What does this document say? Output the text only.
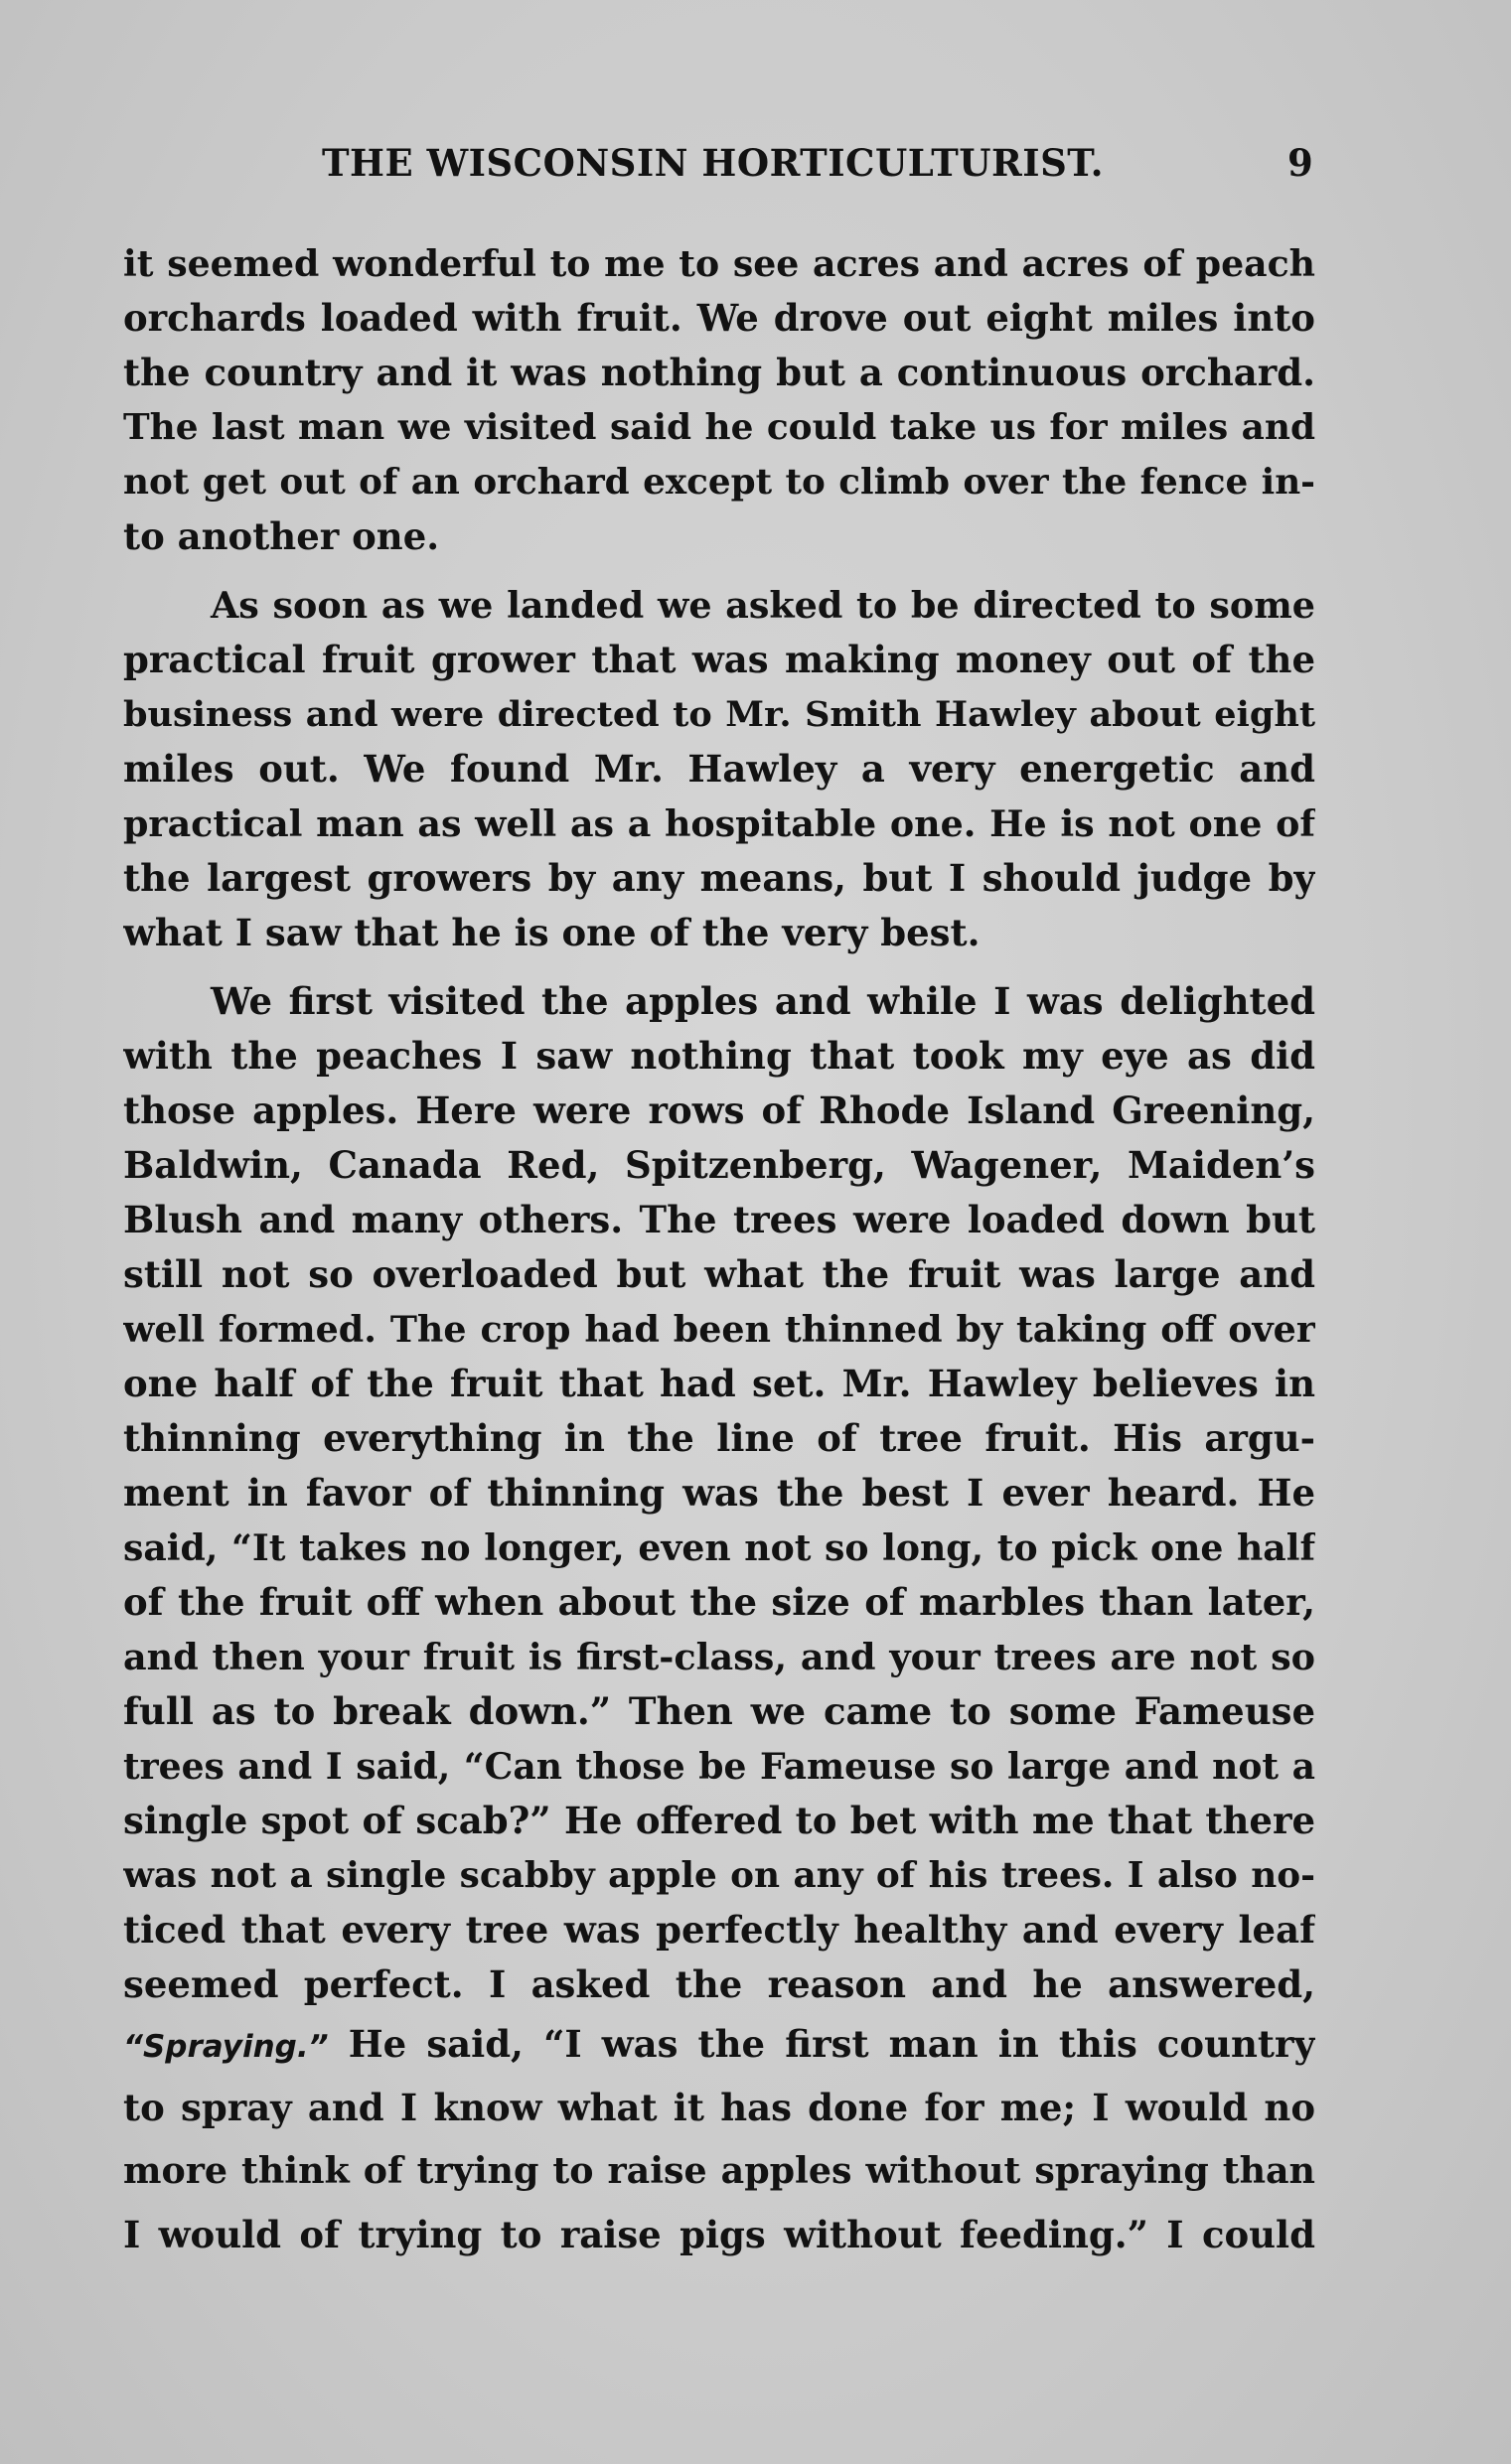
THE WISCONSIN HORTICULTURIST.	9
it seemed wonderful to me to see acres and acres of peach
orchards loaded with fruit. We drove out eight miles into
the country and it was nothing but a continuous orchard.
The last man we visited said he could take us for miles and
not get out of an orchard except to climb over the fence in-
to another one.
As soon as we landed we asked to be directed to some
practical fruit grower that was making money out of the
business and were directed to Mr. Smith Hawley about eight
miles out. We found Mr. Hawley a very energetic and
practical man as well as a hospitable one. He is not one of
the largest growers by any means, but I should judge by
what I saw that he is one of the very best.
We first visited the apples and while I was delighted
with the peaches I saw nothing that took my eye as did
those apples. Here were rows of Rhode Island Greening,
Baldwin, Canada Red, Spitzenberg, Wagener, Maiden’s
Blush and many others. The trees were loaded down but
still not so overloaded but what the fruit was large and
well formed. The crop had been thinned by taking off over
one half of the fruit that had set. Mr. Hawley believes in
thinning everything in the line of tree fruit. His argu-
ment in favor of thinning was the best I ever heard. He
said, “It takes no longer, even not so long, to pick one half
of the fruit off when about the size of marbles than later,
and then your fruit is first-class, and your trees are not so
full as to break down.” Then we came to some Fameuse
trees and I said, “Can those be Fameuse so large and not a
single spot of scab?” He offered to bet with me that there
was not a single scabby apple on any of his trees. I also no-
ticed that every tree was perfectly healthy and every leaf
seemed perfect. I asked the reason and he answered,
“Spraying.” He said, “I was the first man in this country
to spray and I know what it has done for me; I would no
more think of trying to raise apples without spraying than
I would of trying to raise pigs without feeding.” I could
